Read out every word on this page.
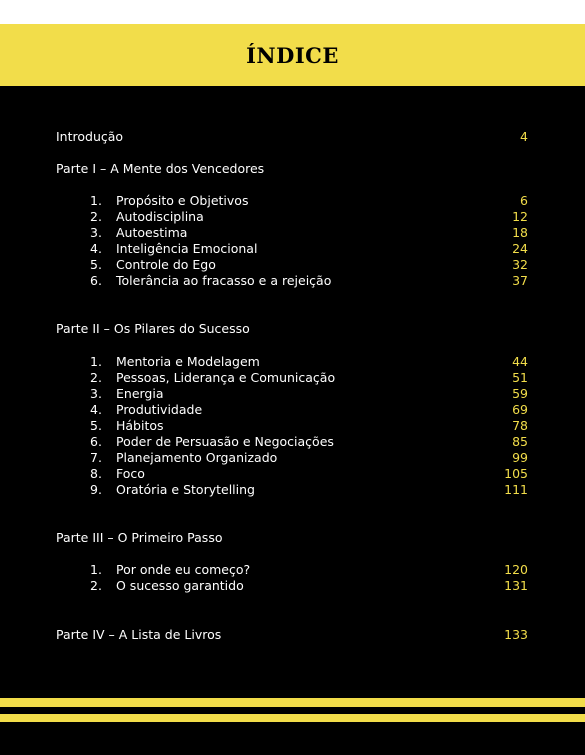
ÍNDICE
Introdução	4
Parte I – A Mente dos Vencedores
1. Propósito e Objetivos	6
2. Autodisciplina	12
3. Autoestima	18
4. Inteligência Emocional	24
5. Controle do Ego	32
6. Tolerância ao fracasso e a rejeição	37
Parte II – Os Pilares do Sucesso
1. Mentoria e Modelagem	44
2. Pessoas, Liderança e Comunicação	51
3. Energia	59
4. Produtividade	69
5. Hábitos	78
6. Poder de Persuasão e Negociações	85
7. Planejamento Organizado	99
8. Foco	105
9. Oratória e Storytelling	111
Parte III – O Primeiro Passo
1. Por onde eu começo?	120
2. O sucesso garantido	131
Parte IV – A Lista de Livros	133
